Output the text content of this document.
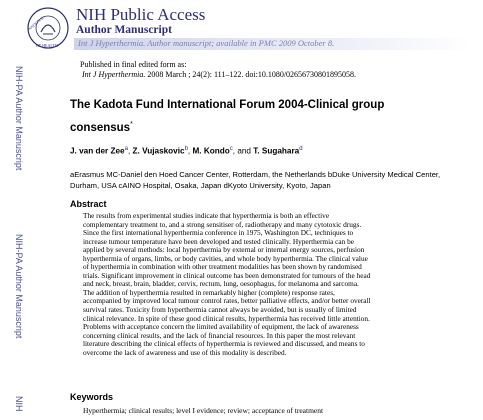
NIH-PA Author Manuscript
NIH-PA Author Manuscript
NIH
NATIONAL
OF HEALTH
NIH Public Access
Author Manuscript
Int J Hyperthermia. Author manuscript; available in PMC 2009 October 8.
Published in final edited form as:
Int J Hyperthermia. 2008 March ; 24(2): 111–122. doi:10.1080/02656730801895058.
The Kadota Fund International Forum 2004-Clinical group
consensus*
J. van der Zee$^a$, Z. Vujaskovic$^b$, M. Kondo$^c$, and T. Sugahara$^d$
aErasmus MC-Daniel den Hoed Cancer Center, Rotterdam, the Netherlands bDuke University Medical Center, Durham, USA cAINO Hospital, Osaka, Japan dKyoto University, Kyoto, Japan
Abstract
The results from experimental studies indicate that hyperthermia is both an effective
complementary treatment to, and a strong sensitiser of, radiotherapy and many cytotoxic drugs.
Since the first international hyperthermia conference in 1975, Washington DC, techniques to
increase tumour temperature have been developed and tested clinically. Hyperthermia can be
applied by several methods: local hyperthermia by external or internal energy sources, perfusion
hyperthermia of organs, limbs, or body cavities, and whole body hyperthermia. The clinical value
of hyperthermia in combination with other treatment modalities has been shown by randomised
trials. Significant improvement in clinical outcome has been demonstrated for tumours of the head
and neck, breast, brain, bladder, cervix, rectum, lung, oesophagus, for melanoma and sarcoma.
The addition of hyperthermia resulted in remarkably higher (complete) response rates,
accompanied by improved local tumour control rates, better palliative effects, and/or better overall
survival rates. Toxicity from hyperthermia cannot always be avoided, but is usually of limited
clinical relevance. In spite of these good clinical results, hyperthermia has received little attention.
Problems with acceptance concern the limited availability of equipment, the lack of awareness
concerning clinical results, and the lack of financial resources. In this paper the most relevant
literature describing the clinical effects of hyperthermia is reviewed and discussed, and means to
overcome the lack of awareness and use of this modality is described.
Keywords
Hyperthermia; clinical results; level I evidence; review; acceptance of treatment
